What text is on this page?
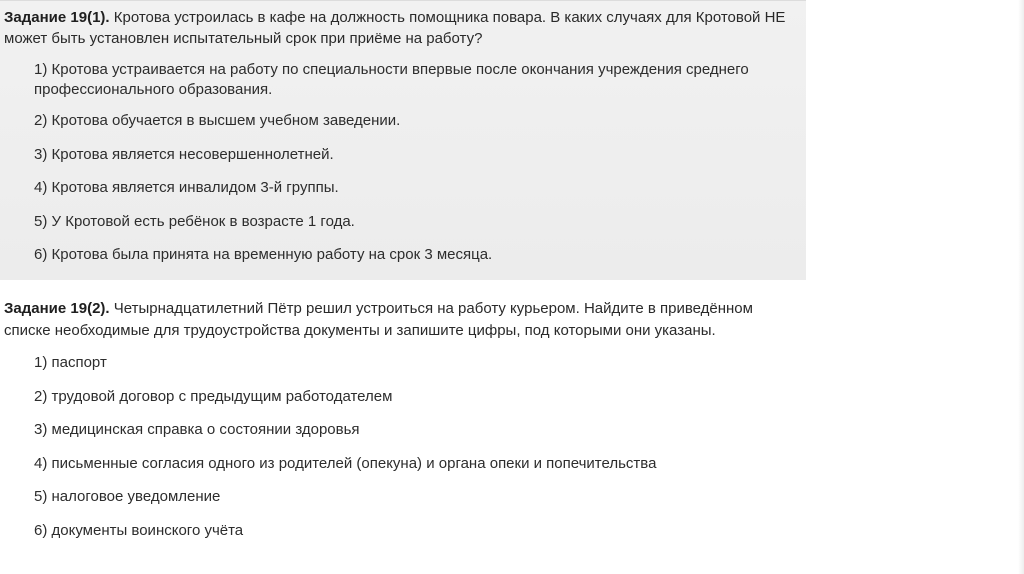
Задание 19(1). Кротова устроилась в кафе на должность помощника повара. В каких случаях для Кротовой НЕ может быть установлен испытательный срок при приёме на работу?

1) Кротова устраивается на работу по специальности впервые после окончания учреждения среднего профессионального образования.
2) Кротова обучается в высшем учебном заведении.
3) Кротова является несовершеннолетней.
4) Кротова является инвалидом 3-й группы.
5) У Кротовой есть ребёнок в возрасте 1 года.
6) Кротова была принята на временную работу на срок 3 месяца.

Задание 19(2). Четырнадцатилетний Пётр решил устроиться на работу курьером. Найдите в приведённом списке необходимые для трудоустройства документы и запишите цифры, под которыми они указаны.

1) паспорт
2) трудовой договор с предыдущим работодателем
3) медицинская справка о состоянии здоровья
4) письменные согласия одного из родителей (опекуна) и органа опеки и попечительства
5) налоговое уведомление
6) документы воинского учёта
